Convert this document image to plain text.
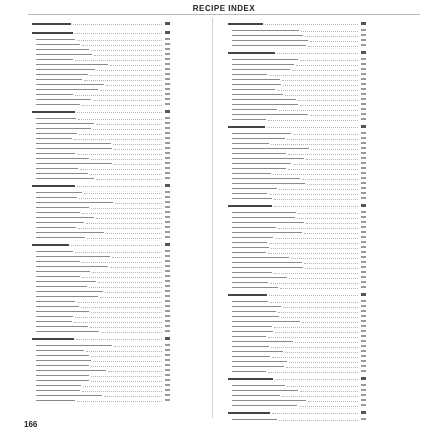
RECIPE INDEX
166
